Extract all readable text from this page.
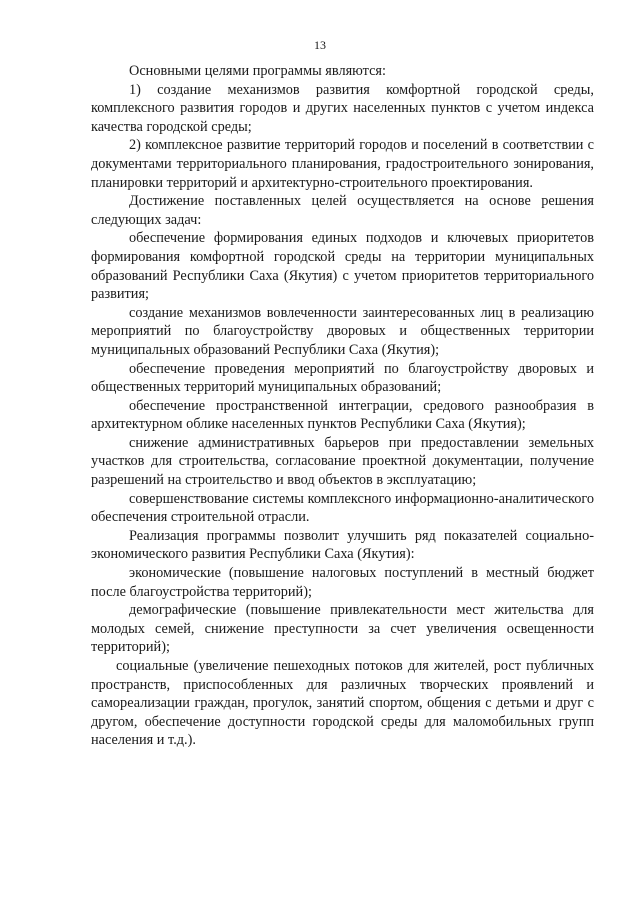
13

Основными целями программы являются:

1) создание механизмов развития комфортной городской среды, комплексного развития городов и других населенных пунктов с учетом индекса качества городской среды;

2) комплексное развитие территорий городов и поселений в соответствии с документами территориального планирования, градостроительного зонирования, планировки территорий и архитектурно-строительного проектирования.

Достижение поставленных целей осуществляется на основе решения следующих задач:

обеспечение формирования единых подходов и ключевых приоритетов формирования комфортной городской среды на территории муниципальных образований Республики Саха (Якутия) с учетом приоритетов территориального развития;

создание механизмов вовлеченности заинтересованных лиц в реализацию мероприятий по благоустройству дворовых и общественных территории муниципальных образований Республики Саха (Якутия);

обеспечение проведения мероприятий по благоустройству дворовых и общественных территорий муниципальных образований;

обеспечение пространственной интеграции, средового разнообразия в архитектурном облике населенных пунктов Республики Саха (Якутия);

снижение административных барьеров при предоставлении земельных участков для строительства, согласование проектной документации, получение разрешений на строительство и ввод объектов в эксплуатацию;

совершенствование системы комплексного информационно-аналитического обеспечения строительной отрасли.

Реализация программы позволит улучшить ряд показателей социально-экономического развития Республики Саха (Якутия):

экономические (повышение налоговых поступлений в местный бюджет после благоустройства территорий);

демографические (повышение привлекательности мест жительства для молодых семей, снижение преступности за счет увеличения освещенности территорий);

социальные (увеличение пешеходных потоков для жителей, рост публичных пространств, приспособленных для различных творческих проявлений и самореализации граждан, прогулок, занятий спортом, общения с детьми и друг с другом, обеспечение доступности городской среды для маломобильных групп населения и т.д.).
